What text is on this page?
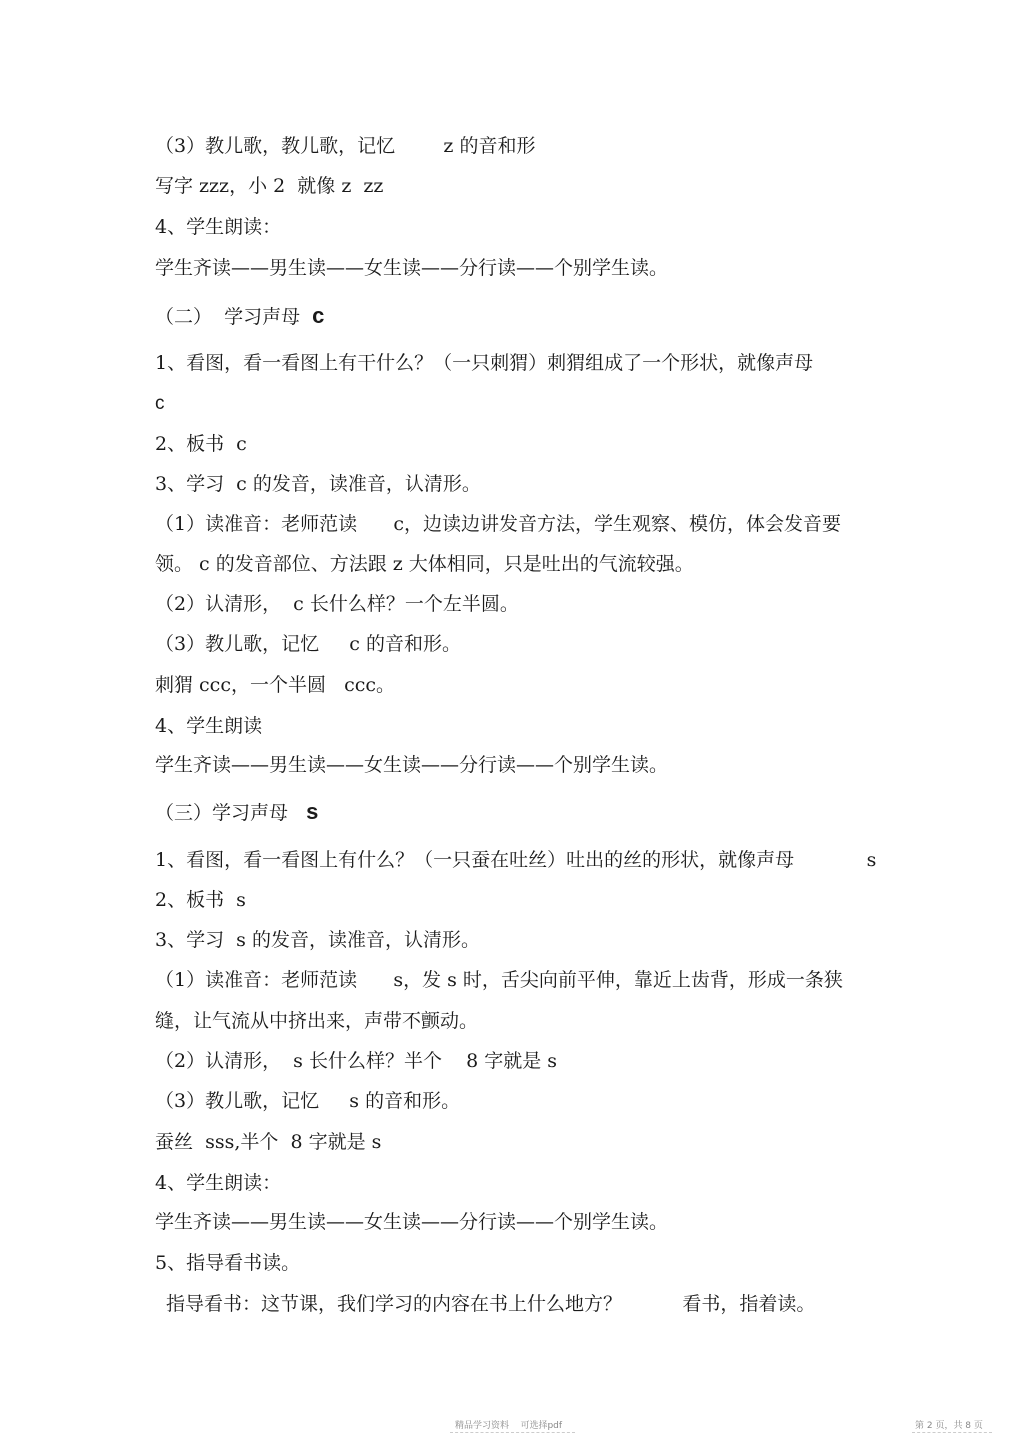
（3）教儿歌，教儿歌，记忆        z 的音和形
写字 zzz，小 2  就像 z  zz
4、学生朗读：
学生齐读——男生读——女生读——分行读——个别学生读。
（二）  学习声母  c
1、看图，看一看图上有干什么？（一只刺猬）刺猬组成了一个形状，就像声母
c
2、板书  c
3、学习  c 的发音，读准音，认清形。
（1）读准音：老师范读      c，边读边讲发音方法，学生观察、模仿，体会发音要
领。 c 的发音部位、方法跟 z 大体相同，只是吐出的气流较强。
（2）认清形，  c 长什么样？一个左半圆。
（3）教儿歌，记忆     c 的音和形。
刺猬 ccc，一个半圆   ccc。
4、学生朗读
学生齐读——男生读——女生读——分行读——个别学生读。
（三）学习声母   s
1、看图，看一看图上有什么？（一只蚕在吐丝）吐出的丝的形状，就像声母            s
2、板书  s
3、学习  s 的发音，读准音，认清形。
（1）读准音：老师范读      s，发 s 时，舌尖向前平伸，靠近上齿背，形成一条狭
缝，让气流从中挤出来，声带不颤动。
（2）认清形，  s 长什么样？半个    8 字就是 s
（3）教儿歌，记忆     s 的音和形。
蚕丝  sss,半个  8 字就是 s
4、学生朗读：
学生齐读——男生读——女生读——分行读——个别学生读。
5、指导看书读。
指导看书：这节课，我们学习的内容在书上什么地方？          看书，指着读。
精品学习资料    可选择pdf	第 2 页，共 8 页
